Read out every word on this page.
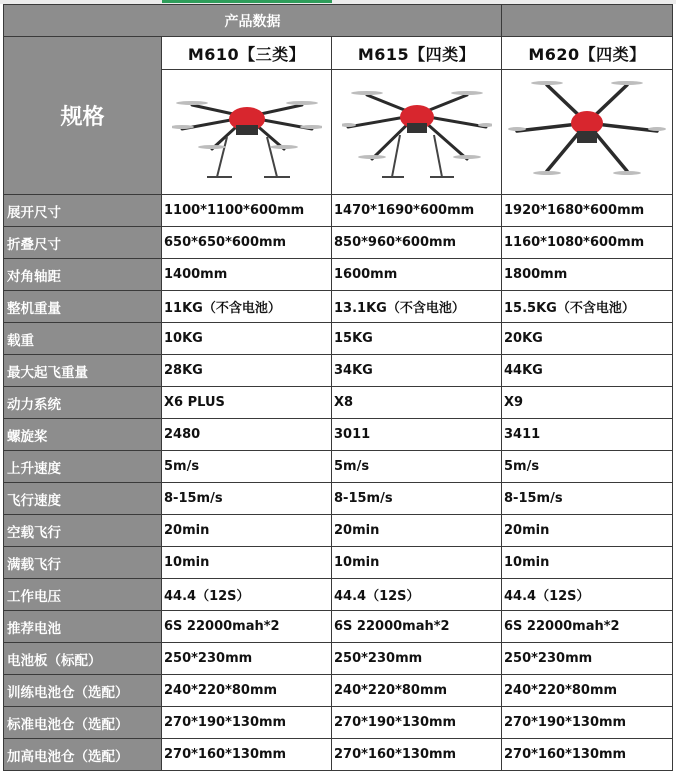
产品数据			
规格	M610【三类】	M615【四类】	M620【四类】

展开尺寸	1100*1100*600mm	1470*1690*600mm	1920*1680*600mm
折叠尺寸	650*650*600mm	850*960*600mm	1160*1080*600mm
对角轴距	1400mm	1600mm	1800mm
整机重量	11KG（不含电池）	13.1KG（不含电池）	15.5KG（不含电池）
载重	10KG	15KG	20KG
最大起飞重量	28KG	34KG	44KG
动力系统	X6 PLUS	X8	X9
螺旋桨	2480	3011	3411
上升速度	5m/s	5m/s	5m/s
飞行速度	8-15m/s	8-15m/s	8-15m/s
空载飞行	20min	20min	20min
满载飞行	10min	10min	10min
工作电压	44.4（12S）	44.4（12S）	44.4（12S）
推荐电池	6S 22000mah*2	6S 22000mah*2	6S 22000mah*2
电池板（标配）	250*230mm	250*230mm	250*230mm
训练电池仓（选配）	240*220*80mm	240*220*80mm	240*220*80mm
标准电池仓（选配）	270*190*130mm	270*190*130mm	270*190*130mm
加高电池仓（选配）	270*160*130mm	270*160*130mm	270*160*130mm
